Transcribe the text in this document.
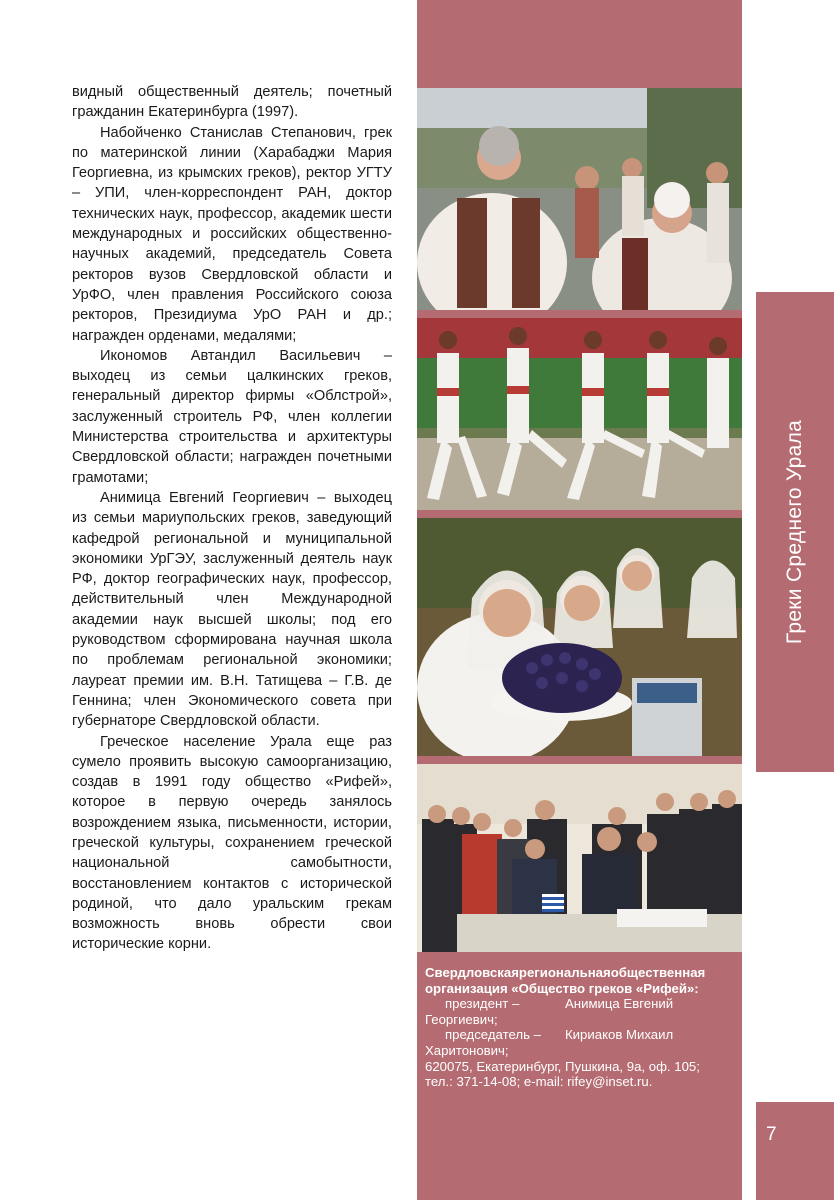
видный общественный деятель; почетный гражданин Екатеринбурга (1997).

Набойченко Станислав Степанович, грек по материнской линии (Харабаджи Мария Георгиевна, из крымских греков), ректор УГТУ – УПИ, член-корреспондент РАН, доктор технических наук, профессор, академик шести международных и российских общественно-научных академий, председатель Совета ректоров вузов Свердловской области и УрФО, член правления Российского союза ректоров, Президиума УрО РАН и др.; награжден орденами, медалями;

Икономов Автандил Васильевич – выходец из семьи цалкинских греков, генеральный директор фирмы «Облстрой», заслуженный строитель РФ, член коллегии Министерства строительства и архитектуры Свердловской области; награжден почетными грамотами;

Анимица Евгений Георгиевич – выходец из семьи мариупольских греков, заведующий кафедрой региональной и муниципальной экономики УрГЭУ, заслуженный деятель наук РФ, доктор географических наук, профессор, действительный член Международной академии наук высшей школы; под его руководством сформирована научная школа по проблемам региональной экономики; лауреат премии им. В.Н. Татищева – Г.В. де Геннина; член Экономического совета при губернаторе Свердловской области.

Греческое население Урала еще раз сумело проявить высокую самоорганизацию, создав в 1991 году общество «Рифей», которое в первую очередь занялось возрождением языка, письменности, истории, греческой культуры, сохранением греческой национальной самобытности, восстановлением контактов с исторической родиной, что дало уральским грекам возможность вновь обрести свои исторические корни.

Свердловскаярегиональнаяобщественная
организация «Общество греков «Рифей»:
президент –	Анимица Евгений
Георгиевич;
председатель –	Кириаков Михаил
Харитонович;
620075, Екатеринбург, Пушкина, 9а, оф. 105;
тел.: 371-14-08; e-mail: rifey@inset.ru.
Греки Среднего Урала
7
